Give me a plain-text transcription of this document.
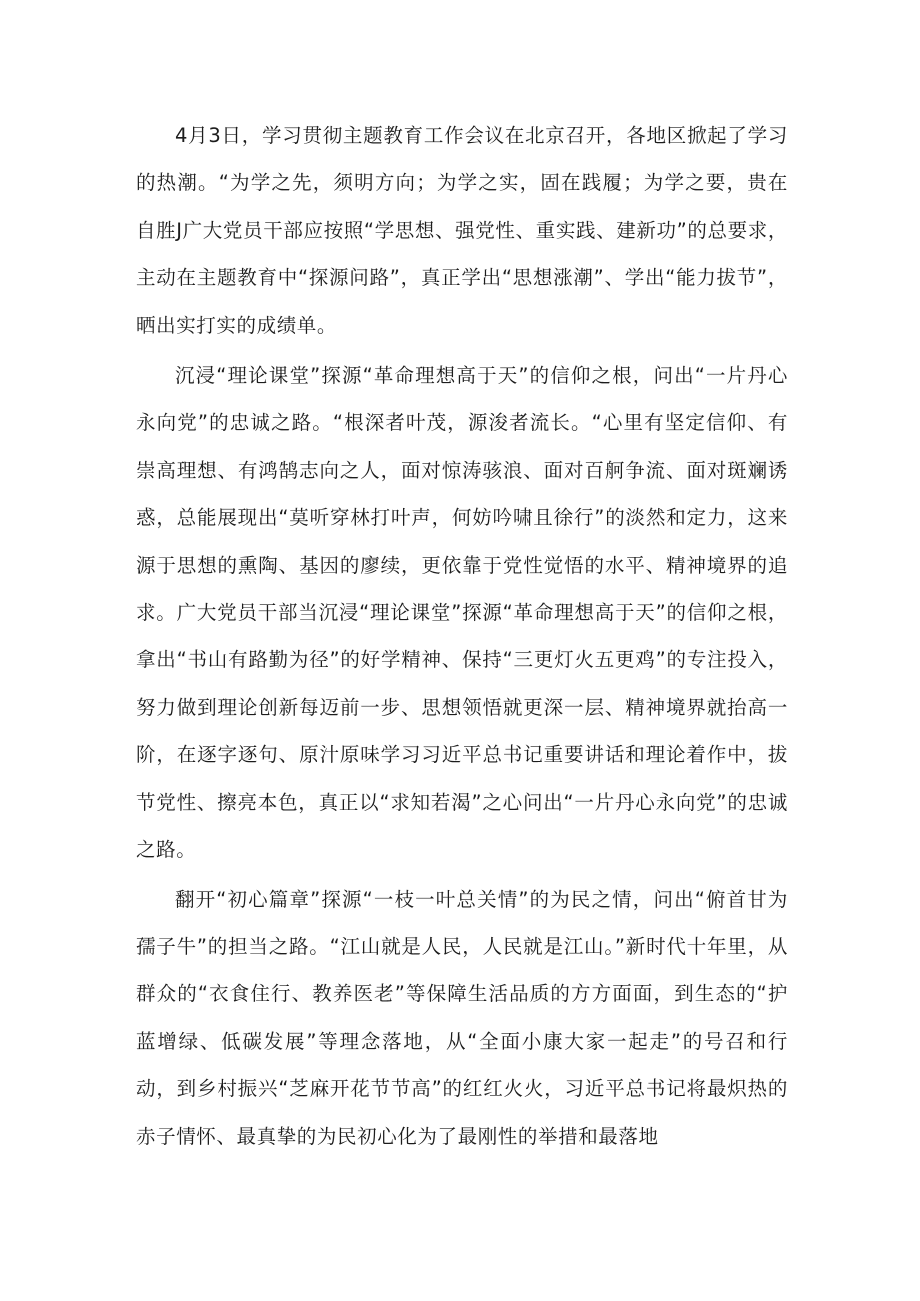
4月3日，学习贯彻主题教育工作会议在北京召开，各地区掀起了学习的热潮。“为学之先，须明方向；为学之实，固在践履；为学之要，贵在自胜J广大党员干部应按照“学思想、强党性、重实践、建新功”的总要求，主动在主题教育中“探源问路”，真正学出“思想涨潮”、学出“能力拔节”，晒出实打实的成绩单。

沉浸“理论课堂”探源“革命理想高于天”的信仰之根，问出“一片丹心永向党”的忠诚之路。“根深者叶茂，源浚者流长。“心里有坚定信仰、有崇高理想、有鸿鹄志向之人，面对惊涛骇浪、面对百舸争流、面对斑斓诱惑，总能展现出“莫听穿林打叶声，何妨吟啸且徐行”的淡然和定力，这来源于思想的熏陶、基因的廖续，更依靠于党性觉悟的水平、精神境界的追求。广大党员干部当沉浸“理论课堂”探源“革命理想高于天”的信仰之根，拿出“书山有路勤为径”的好学精神、保持“三更灯火五更鸡”的专注投入，努力做到理论创新每迈前一步、思想领悟就更深一层、精神境界就抬高一阶，在逐字逐句、原汁原味学习习近平总书记重要讲话和理论着作中，拔节党性、擦亮本色，真正以“求知若渴”之心问出“一片丹心永向党”的忠诚之路。

翻开“初心篇章”探源“一枝一叶总关情”的为民之情，问出“俯首甘为孺子牛”的担当之路。“江山就是人民，人民就是江山。”新时代十年里，从群众的“衣食住行、教养医老”等保障生活品质的方方面面，到生态的“护蓝增绿、低碳发展”等理念落地，从“全面小康大家一起走”的号召和行动，到乡村振兴“芝麻开花节节高”的红红火火，习近平总书记将最炽热的赤子情怀、最真挚的为民初心化为了最刚性的举措和最落地
